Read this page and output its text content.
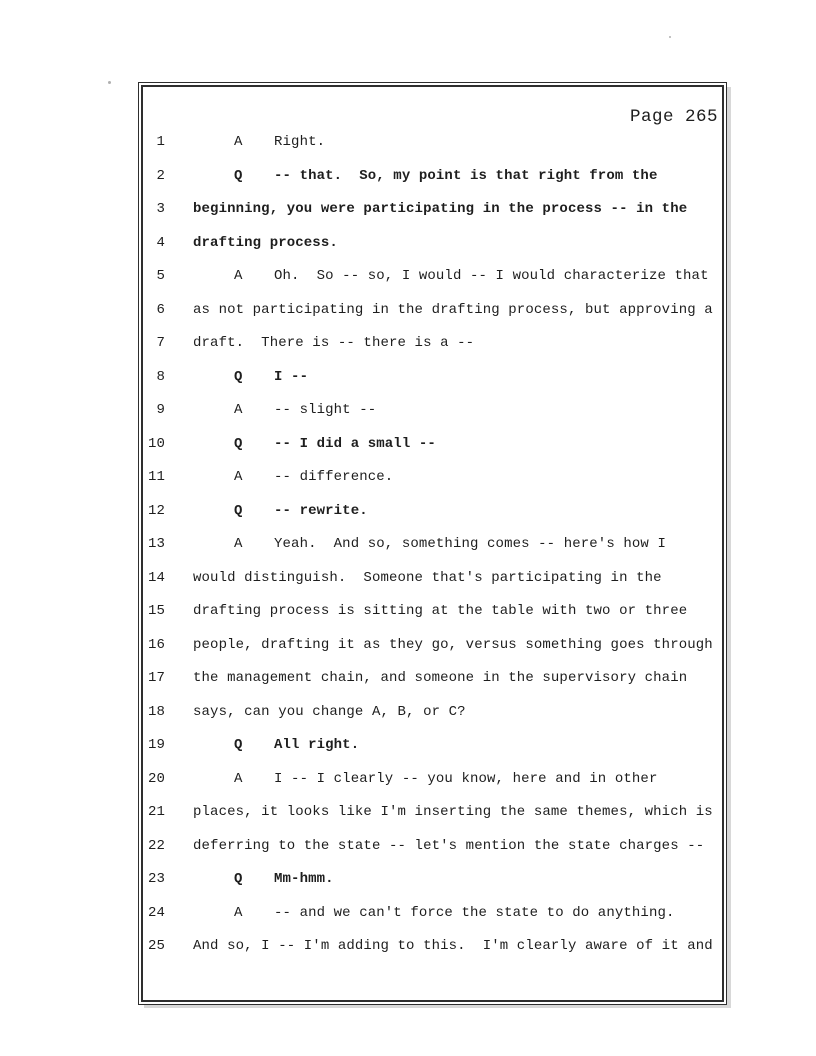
Page 265
1	A Right.
2	Q -- that.  So, my point is that right from the
3 beginning, you were participating in the process -- in the
4 drafting process.
5	A Oh.  So -- so, I would -- I would characterize that
6 as not participating in the drafting process, but approving a
7 draft.  There is -- there is a --
8	Q I --
9	A -- slight --
10	Q -- I did a small --
11	A -- difference.
12	Q -- rewrite.
13	A Yeah.  And so, something comes -- here's how I
14 would distinguish.  Someone that's participating in the
15 drafting process is sitting at the table with two or three
16 people, drafting it as they go, versus something goes through
17 the management chain, and someone in the supervisory chain
18 says, can you change A, B, or C?
19	Q All right.
20	A I -- I clearly -- you know, here and in other
21 places, it looks like I'm inserting the same themes, which is
22 deferring to the state -- let's mention the state charges --
23	Q Mm-hmm.
24	A -- and we can't force the state to do anything.
25 And so, I -- I'm adding to this.  I'm clearly aware of it and
